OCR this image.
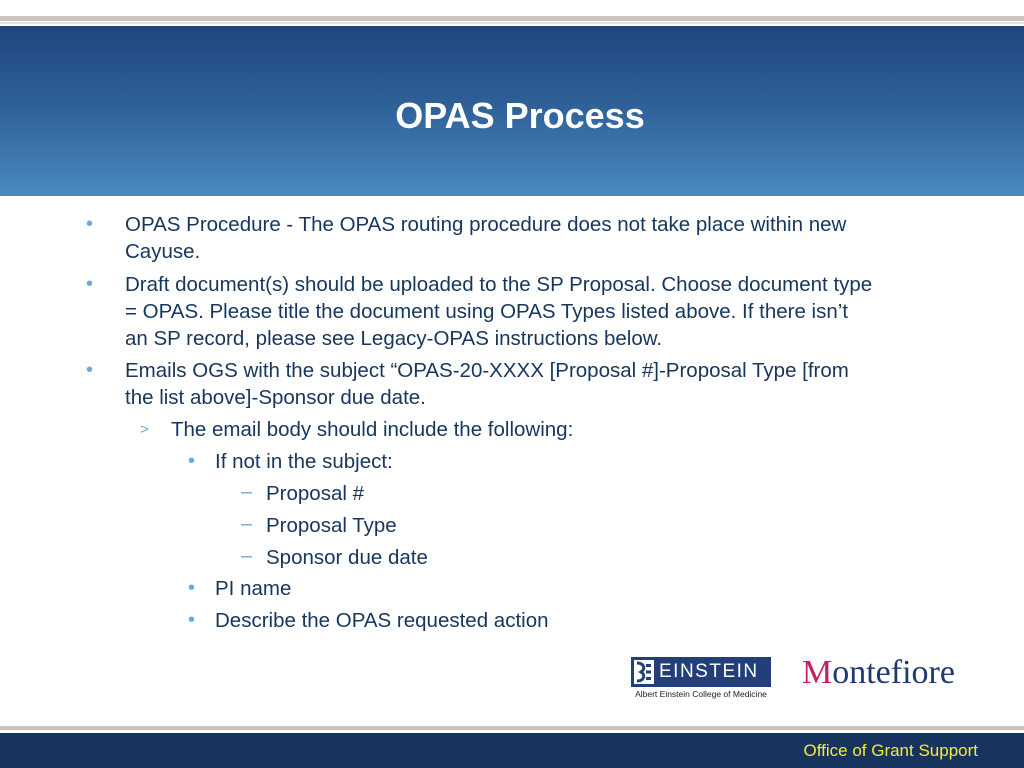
OPAS Process
• OPAS Procedure - The OPAS routing procedure does not take place within new
Cayuse.
• Draft document(s) should be uploaded to the SP Proposal. Choose document type
= OPAS. Please title the document using OPAS Types listed above. If there isn’t
an SP record, please see Legacy-OPAS instructions below.
• Emails OGS with the subject “OPAS-20-XXXX [Proposal #]-Proposal Type [from
the list above]-Sponsor due date.
> The email body should include the following:
• If not in the subject:
– Proposal #
– Proposal Type
– Sponsor due date
• PI name
• Describe the OPAS requested action
EINSTEIN
Albert Einstein College of Medicine
Montefiore
Office of Grant Support
